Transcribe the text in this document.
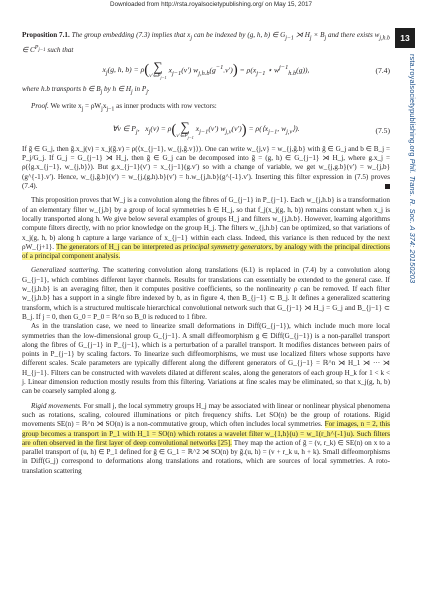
Downloaded from http://rsta.royalsocietypublishing.org/ on May 15, 2017
13
rsta.royalsocietypublishing.org Phil. Trans. R. Soc. A 374: 20150203

Proposition 7.1. The group embedding (7.3) implies that $x_j$ can be indexed by (g, h, b) ∈ $G_{j-1}$ ⋊ $H_j \times B_j$ and there exists $w_{j,h.b}$ ∈ $C^{P_{j-1}}$ such that

$x_j(g$, h, b) = ρ ( ∑
$v'\in P_{j-1}$
$x_{j-1}(v')$ $w_{j,h.b}(g^{-1}.v')$ ) = $\rho(x_{j-1}$ ⋆ $w^{j-1}_{h.b}(g)$),	(7.4)

where h.b transports b ∈ $B_j$ by h ∈ $H_j$ in $P_j$.

Proof. We write $x_j = \rho W_jx_{j-1}$ as inner products with row vectors:

∀v ∈ $P_j$,   $x_j(v) = \rho$ ( ∑
$v'\in P_{j-1}$
$x_{j-1}(v')$ $w_{j,v}(v')$ ) = $\rho(⟨x_{j-1}$, $w_{j,v}⟩$).	(7.5)

If ḡ ∈ G_j, then ḡ.x_j(v) = x_j(ḡ.v) = ρ(⟨x_{j−1}, w_{j,ḡ.v}⟩). One can write w_{j,v} = w_{j,ḡ.b} with ḡ ∈ G_j and b ∈ B_j = P_j/G_j. If G_j = G_{j−1} ⋊ H_j, then ḡ ∈ G_j can be decomposed into ḡ = (g, h) ∈ G_{j−1} ⋊ H_j, where g.x_j = ρ(⟨g.x_{j−1}, w_{j,b}⟩). But g.x_{j−1}(v′) = x_{j−1}(g.v′) so with a change of variable, we get w_{j,g.b}(v′) = w_{j,b}(g^{-1}.v′). Hence, w_{j,ḡ.b}(v′) = w_{j,(g,h).b}(v′) = h.w_{j,h.b}(g^{-1}.v′). Inserting this filter expression in (7.5) proves (7.4).

This proposition proves that W_j is a convolution along the fibres of G_{j−1} in P_{j−1}. Each w_{j,h.b} is a transformation of an elementary filter w_{j,b} by a group of local symmetries h ∈ H_j, so that f_j(x_j(g, h, b)) remains constant when x_j is locally transported along h. We give below several examples of groups H_j and filters w_{j,h.b}. However, learning algorithms compute filters directly, with no prior knowledge on the group H_j. The filters w_{j,h.b} can be optimized, so that variations of x_j(g, h, b) along h capture a large variance of x_{j−1} within each class. Indeed, this variance is then reduced by the next ρW_{j+1}. The generators of H_j can be interpreted as principal symmetry generators, by analogy with the principal directions of a principal component analysis.

Generalized scattering. The scattering convolution along translations (6.1) is replaced in (7.4) by a convolution along G_{j−1}, which combines different layer channels. Results for translations can essentially be extended to the general case. If w_{j,h.b} is an averaging filter, then it computes positive coefficients, so the nonlinearity ρ can be removed. If each filter w_{j,h.b} has a support in a single fibre indexed by b, as in figure 4, then B_{j−1} ⊂ B_j. It defines a generalized scattering transform, which is a structured multiscale hierarchical convolutional network such that G_{j−1} ⋊ H_j = G_j and B_{j−1} ⊂ B_j. If j = 0, then G_0 = P_0 = ℝ^n so B_0 is reduced to 1 fibre.

As in the translation case, we need to linearize small deformations in Diff(G_{j−1}), which include much more local symmetries than the low-dimensional group G_{j−1}. A small diffeomorphism g ∈ Diff(G_{j−1}) is a non-parallel transport along the fibres of G_{j−1} in P_{j−1}, which is a perturbation of a parallel transport. It modifies distances between pairs of points in P_{j−1} by scaling factors. To linearize such diffeomorphisms, we must use localized filters whose supports have different scales. Scale parameters are typically different along the different generators of G_{j−1} = ℝ^n ⋊ H_1 ⋊ ··· ⋊ H_{j−1}. Filters can be constructed with wavelets dilated at different scales, along the generators of each group H_k for 1 < k < j. Linear dimension reduction mostly results from this filtering. Variations at fine scales may be eliminated, so that x_j(g, h, b) can be coarsely sampled along g.

Rigid movements. For small j, the local symmetry groups H_j may be associated with linear or nonlinear physical phenomena such as rotations, scaling, coloured illuminations or pitch frequency shifts. Let SO(n) be the group of rotations. Rigid movements SE(n) = ℝ^n ⋊ SO(n) is a non-commutative group, which often includes local symmetries. For images, n = 2, this group becomes a transport in P_1 with H_1 = SO(n) which rotates a wavelet filter w_{1,h}(u) = w_1(r_h^{-1}u). Such filters are often observed in the first layer of deep convolutional networks [25]. They map the action of ḡ = (v, r_k) ∈ SE(n) on x to a parallel transport of (u, h) ∈ P_1 defined for ḡ ∈ G_1 = ℝ^2 ⋊ SO(n) by ḡ.(u, h) = (v + r_k u, h + k). Small diffeomorphisms in Diff(G_j) correspond to deformations along translations and rotations, which are sources of local symmetries. A roto-translation scattering
